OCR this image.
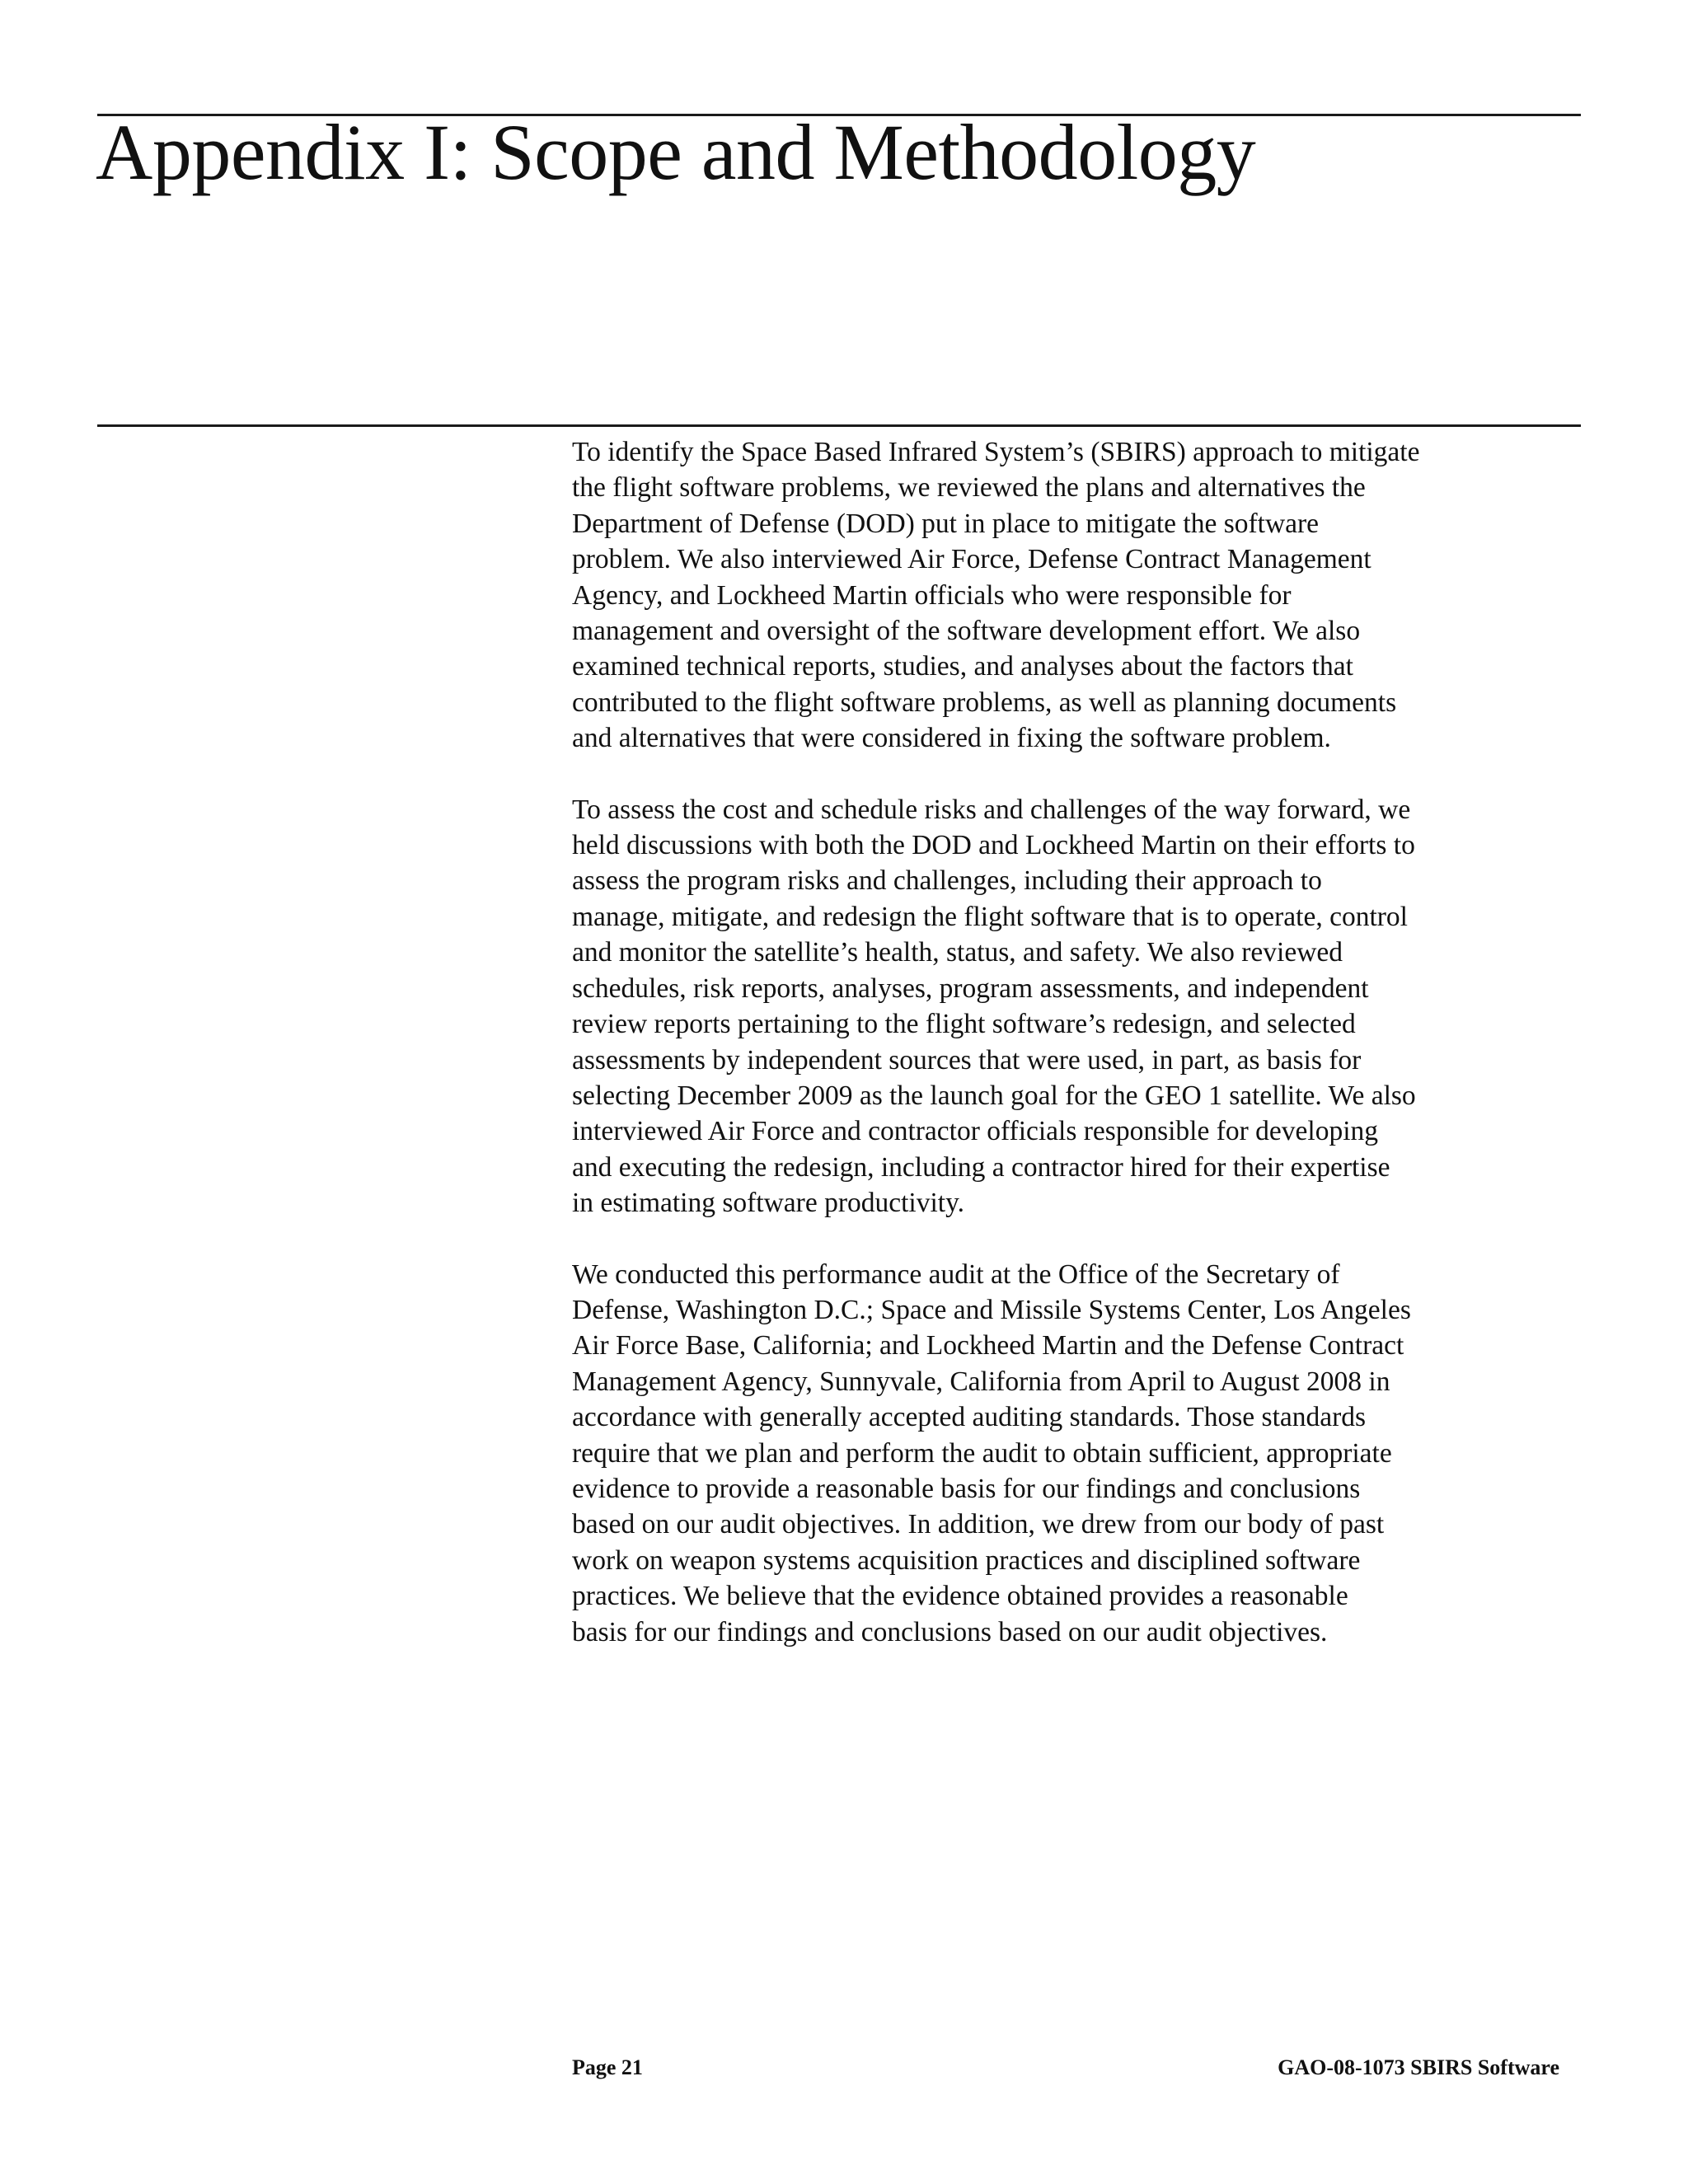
Appendix I: Scope and Methodology

To identify the Space Based Infrared System’s (SBIRS) approach to mitigate
the flight software problems, we reviewed the plans and alternatives the
Department of Defense (DOD) put in place to mitigate the software
problem. We also interviewed Air Force, Defense Contract Management
Agency, and Lockheed Martin officials who were responsible for
management and oversight of the software development effort. We also
examined technical reports, studies, and analyses about the factors that
contributed to the flight software problems, as well as planning documents
and alternatives that were considered in fixing the software problem.

To assess the cost and schedule risks and challenges of the way forward, we
held discussions with both the DOD and Lockheed Martin on their efforts to
assess the program risks and challenges, including their approach to
manage, mitigate, and redesign the flight software that is to operate, control
and monitor the satellite’s health, status, and safety. We also reviewed
schedules, risk reports, analyses, program assessments, and independent
review reports pertaining to the flight software’s redesign, and selected
assessments by independent sources that were used, in part, as basis for
selecting December 2009 as the launch goal for the GEO 1 satellite. We also
interviewed Air Force and contractor officials responsible for developing
and executing the redesign, including a contractor hired for their expertise
in estimating software productivity.

We conducted this performance audit at the Office of the Secretary of
Defense, Washington D.C.; Space and Missile Systems Center, Los Angeles
Air Force Base, California; and Lockheed Martin and the Defense Contract
Management Agency, Sunnyvale, California from April to August 2008 in
accordance with generally accepted auditing standards. Those standards
require that we plan and perform the audit to obtain sufficient, appropriate
evidence to provide a reasonable basis for our findings and conclusions
based on our audit objectives. In addition, we drew from our body of past
work on weapon systems acquisition practices and disciplined software
practices. We believe that the evidence obtained provides a reasonable
basis for our findings and conclusions based on our audit objectives.

Page 21	GAO-08-1073 SBIRS Software
